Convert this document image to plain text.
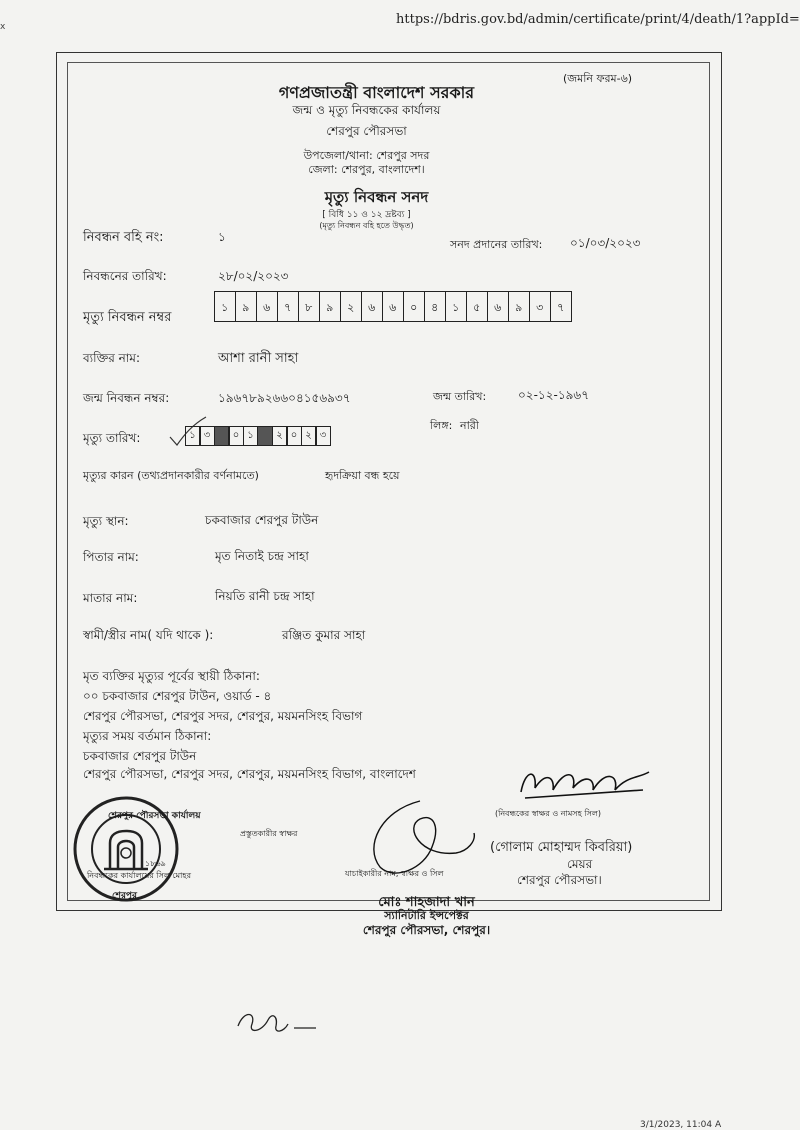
x	https://bdris.gov.bd/admin/certificate/print/4/death/1?appId=
(জমনি ফরম-৬)
গণপ্রজাতন্ত্রী বাংলাদেশ সরকার
জন্ম ও মৃত্যু নিবন্ধকের কার্যালয়
শেরপুর পৌরসভা
উপজেলা/থানা: শেরপুর সদর
জেলা: শেরপুর, বাংলাদেশ।
মৃত্যু নিবন্ধন সনদ
[ বিধি ১১ ও ১২ দ্রষ্টব্য ]
(মৃত্যু নিবন্ধন বহি হতে উদ্ধৃত)
নিবন্ধন বহি নং:	১
সনদ প্রদানের তারিখ: ০১/০৩/২০২৩
নিবন্ধনের তারিখ:	২৮/০২/২০২৩
মৃত্যু নিবন্ধন নম্বর
১	৯	৬	৭	৮	৯	২	৬	৬	০	৪	১	৫	৬	৯	৩	৭
ব্যক্তির নাম:	আশা রানী সাহা
জন্ম নিবন্ধন নম্বর:	১৯৬৭৮৯২৬৬০৪১৫৬৯৩৭	জন্ম তারিখ:	০২-১২-১৯৬৭
লিঙ্গ: নারী
মৃত্যু তারিখ:	১ ৩	০ ১	২ ০ ২ ৩
মৃত্যুর কারন (তথ্যপ্রদানকারীর বর্ণনামতে)	হৃদক্রিয়া বন্ধ হয়ে
মৃত্যু স্থান:	চকবাজার শেরপুর টাউন
পিতার নাম:	মৃত নিতাই চন্দ্র সাহা
মাতার নাম:	নিয়তি রানী চন্দ্র সাহা
স্বামী/স্ত্রীর নাম( যদি থাকে ):	রঞ্জিত কুমার সাহা
মৃত ব্যক্তির মৃত্যুর পূর্বের স্থায়ী ঠিকানা:
০০ চকবাজার শেরপুর টাউন, ওয়ার্ড - ৪
শেরপুর পৌরসভা, শেরপুর সদর, শেরপুর, ময়মনসিংহ বিভাগ
মৃত্যুর সময় বর্তমান ঠিকানা:
চকবাজার শেরপুর টাউন
শেরপুর পৌরসভা, শেরপুর সদর, শেরপুর, ময়মনসিংহ বিভাগ, বাংলাদেশ
(নিবন্ধকের স্বাক্ষর ও নামসহ সিল)
(গোলাম মোহাম্মদ কিবরিয়া)
মেয়র
শেরপুর পৌরসভা।
প্রস্তুতকারীর স্বাক্ষর
যাচাইকারীর নাম, স্বাক্ষর ও সিল
নিবন্ধকের কার্যালয়ের সিল মোহর
শেরপুর পৌরসভা কার্যালয়
১৮৬৯
শেরপুর	মোঃ শাহজাদা খান
স্যানিটারি ইন্সপেক্টর
শেরপুর পৌরসভা, শেরপুর।
3/1/2023, 11:04 A
